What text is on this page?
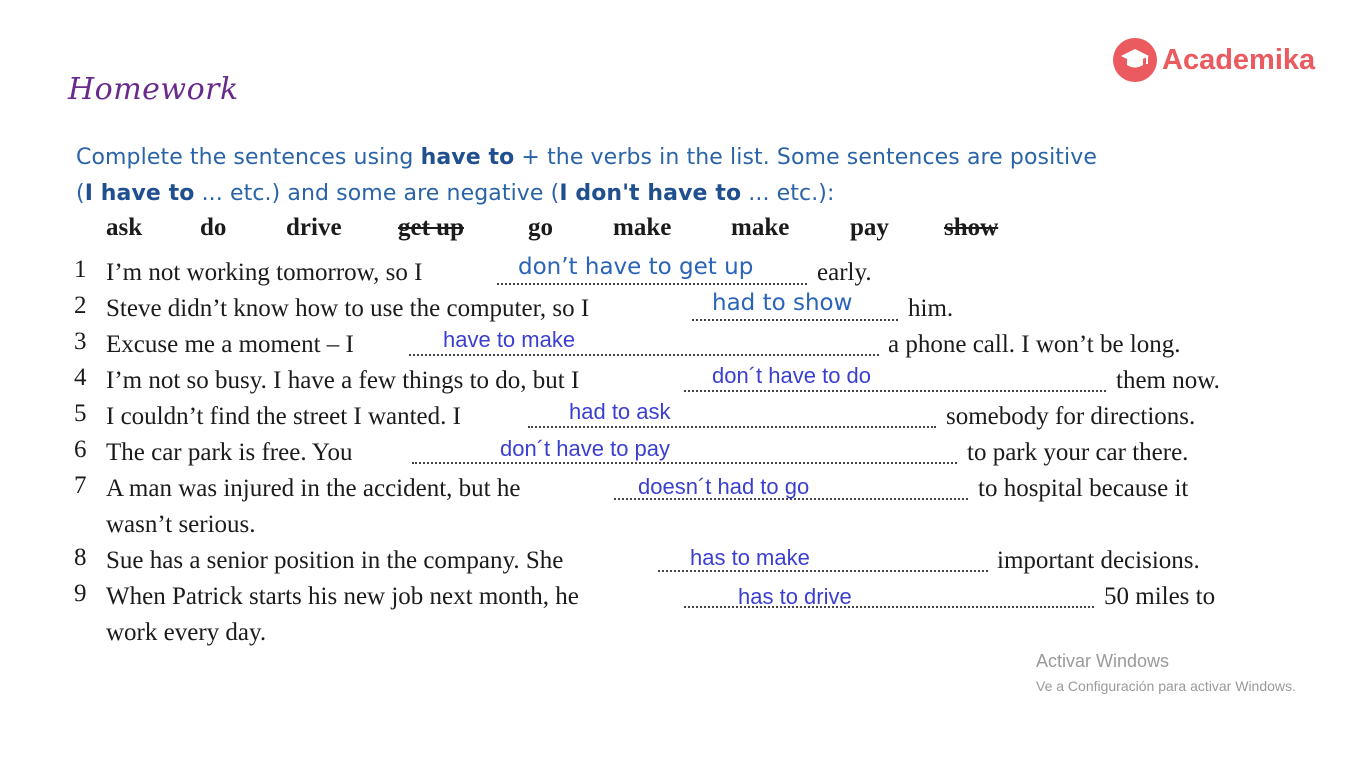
Homework
Academika
Complete the sentences using have to + the verbs in the list. Some sentences are positive
(I have to ... etc.) and some are negative (I don't have to ... etc.):
ask do drive get up	go make make pay show
1 I’m not working tomorrow, so I	don’t have to get up	early.
2 Steve didn’t know how to use the computer, so I	had to show him.
3 Excuse me a moment – I	have to make	a phone call. I won’t be long.
4 I’m not so busy. I have a few things to do, but I	don´t have to do	them now.
5 I couldn’t find the street I wanted. I	had to ask	somebody for directions.
6 The car park is free. You	don´t have to pay	to park your car there.
7 A man was injured in the accident, but he	doesn´t had to go	to hospital because it
wasn’t serious.
8 Sue has a senior position in the company. She	has to make	important decisions.
9 When Patrick starts his new job next month, he	has to drive	50 miles to
work every day.
Activar Windows
Ve a Configuración para activar Windows.
